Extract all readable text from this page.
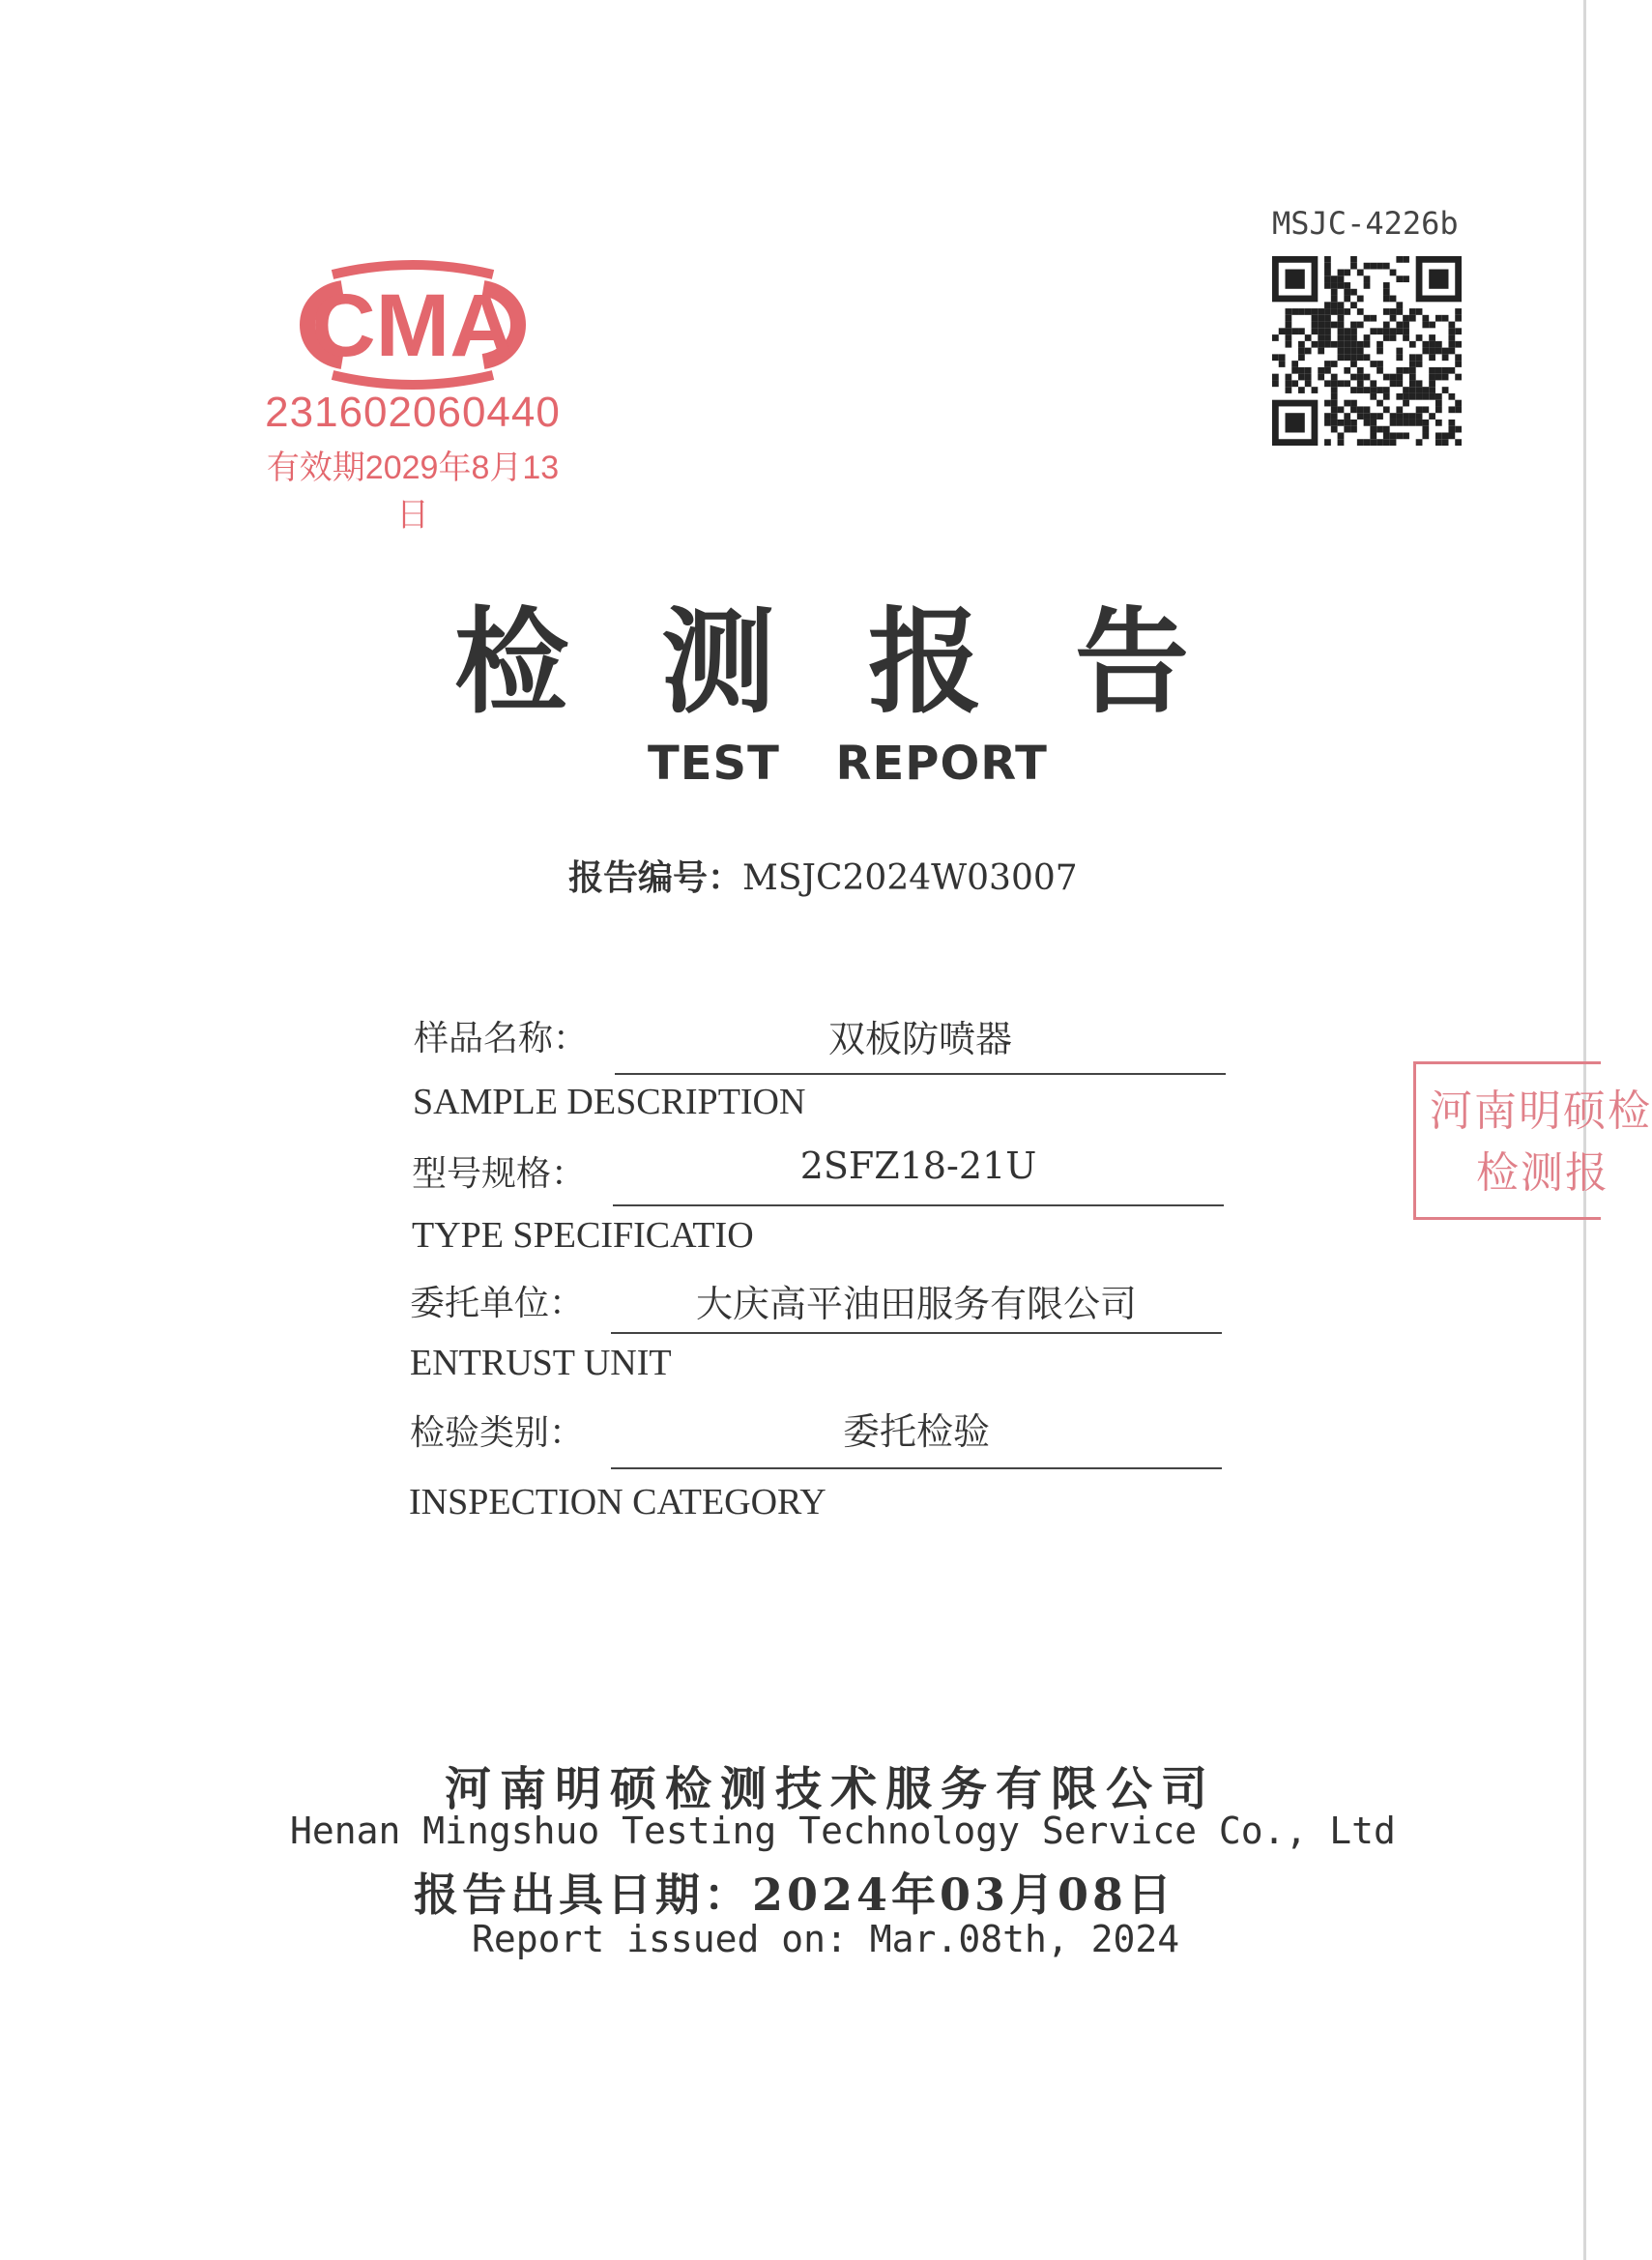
CMA
231602060440
有效期2029年8月13日
MSJC-4226b
河南明硕检
检测报
检 测 报 告
TEST REPORT
报告编号：MSJC2024W03007
样品名称：	双板防喷器
SAMPLE DESCRIPTION
型号规格：	2SFZ18-21U
TYPE SPECIFICATIO
委托单位：	大庆高平油田服务有限公司
ENTRUST UNIT
检验类别：	委托检验
INSPECTION CATEGORY
河南明硕检测技术服务有限公司
Henan Mingshuo Testing Technology Service Co., Ltd
报告出具日期：2024年03月08日
Report issued on: Mar.08th, 2024
